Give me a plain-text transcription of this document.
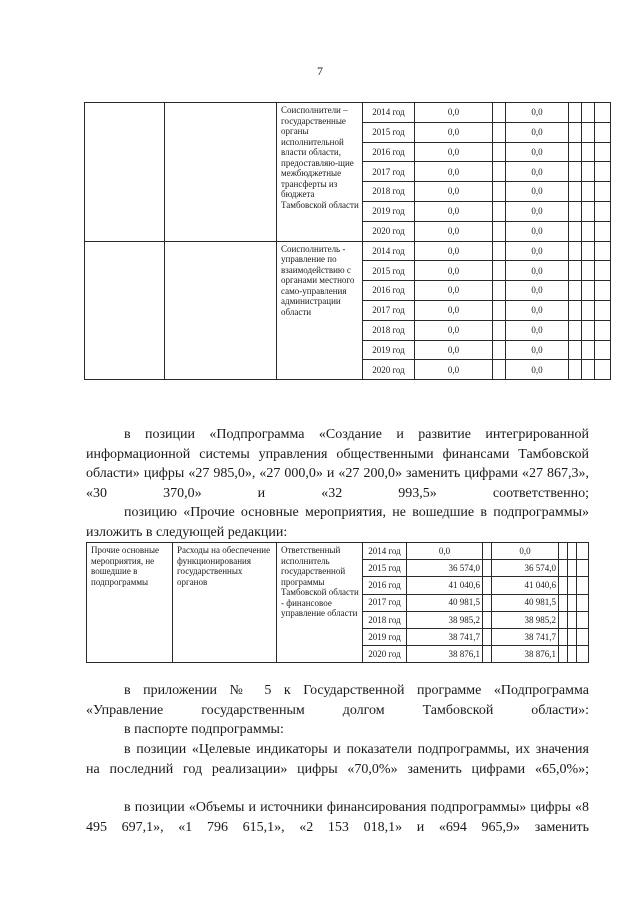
7
		Соисполнители – государственные органы исполнительной власти области, предоставляю-щие межбюджетные трансферты из бюджета Тамбовской области	2014 год	0,0		0,0			
			2015 год	0,0		0,0			
			2016 год	0,0		0,0			
			2017 год	0,0		0,0			
			2018 год	0,0		0,0			
			2019 год	0,0		0,0			
			2020 год	0,0		0,0			
		Соисполнитель - управление по взаимодействию с органами местного само-управления администрации области	2014 год	0,0		0,0			
			2015 год	0,0		0,0			
			2016 год	0,0		0,0			
			2017 год	0,0		0,0			
			2018 год	0,0		0,0			
			2019 год	0,0		0,0			
			2020 год	0,0		0,0			

в позиции «Подпрограмма «Создание и развитие интегрированной информационной системы управления общественными финансами Тамбовской области» цифры «27 985,0», «27 000,0» и «27 200,0» заменить цифрами «27 867,3», «30 370,0» и «32 993,5» соответственно;

позицию «Прочие основные мероприятия, не вошедшие в подпрограммы» изложить в следующей редакции:

Прочие основные мероприятия, не вошедшие в подпрограммы	Расходы на обеспечение функционирования государственных органов	Ответственный исполнитель государственной программы Тамбовской области - финансовое управление области	2014 год	0,0		0,0			
			2015 год	36 574,0		36 574,0			
			2016 год	41 040,6		41 040,6			
			2017 год	40 981,5		40 981,5			
			2018 год	38 985,2		38 985,2			
			2019 год	38 741,7		38 741,7			
			2020 год	38 876,1		38 876,1			

в приложении № 5 к Государственной программе «Подпрограмма «Управление государственным долгом Тамбовской области»:

в паспорте подпрограммы:

в позиции «Целевые индикаторы и показатели подпрограммы, их значения на последний год реализации» цифры «70,0%» заменить цифрами «65,0%»;

в позиции «Объемы и источники финансирования подпрограммы» цифры «8 495 697,1», «1 796 615,1», «2 153 018,1» и «694 965,9» заменить
